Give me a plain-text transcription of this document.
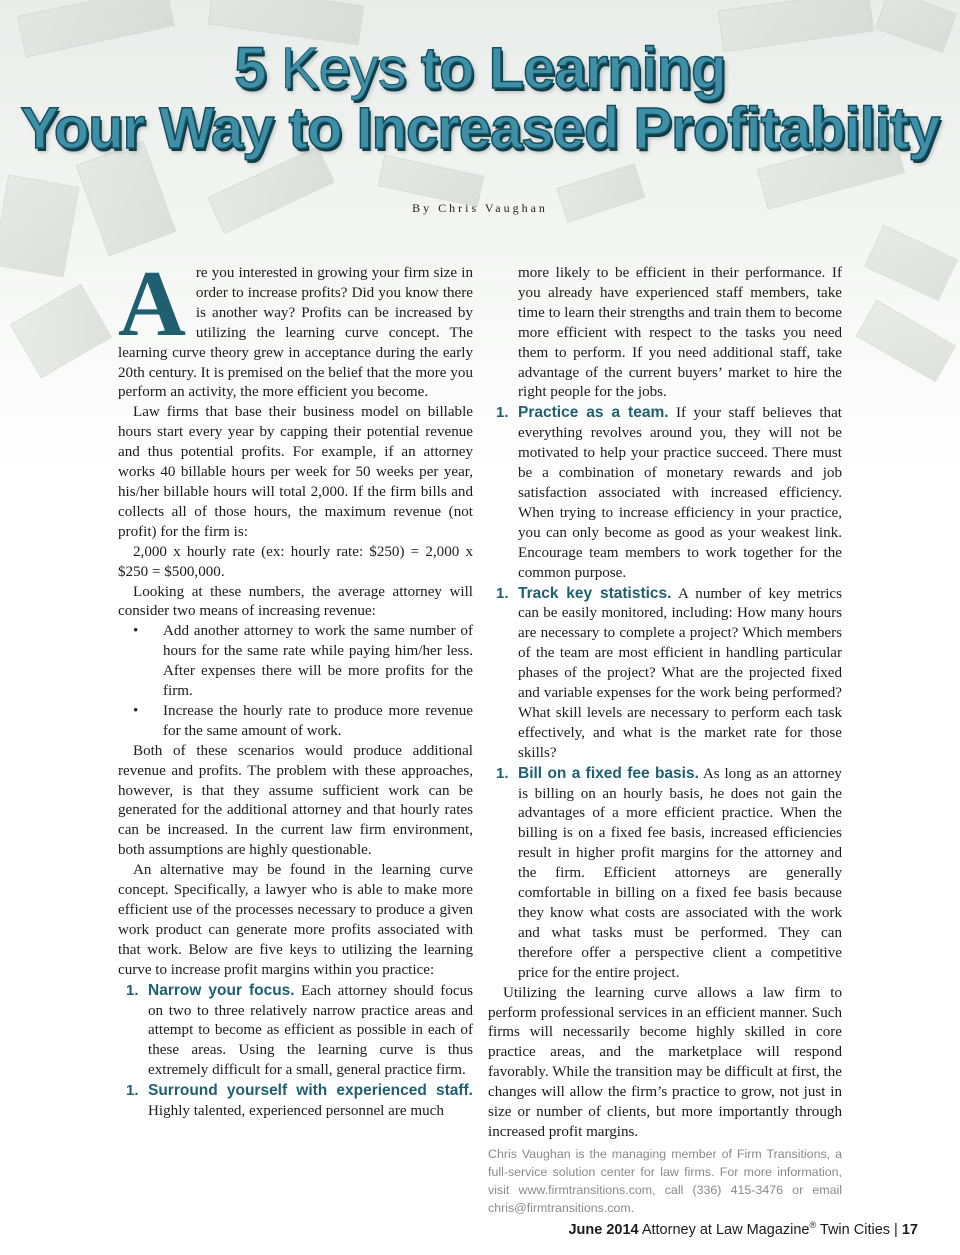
5 Keys to Learning
Your Way to Increased Profitability
By Chris Vaughan

Are you interested in growing your firm size in order to increase profits? Did you know there is another way? Profits can be increased by utilizing the learning curve concept. The learning curve theory grew in acceptance during the early 20th century. It is premised on the belief that the more you perform an activity, the more efficient you become.

Law firms that base their business model on billable hours start every year by capping their potential revenue and thus potential profits. For example, if an attorney works 40 billable hours per week for 50 weeks per year, his/her billable hours will total 2,000. If the firm bills and collects all of those hours, the maximum revenue (not profit) for the firm is:

2,000 x hourly rate (ex: hourly rate: $250) = 2,000 x $250 = $500,000.

Looking at these numbers, the average attorney will consider two means of increasing revenue:

• Add another attorney to work the same number of hours for the same rate while paying him/her less. After expenses there will be more profits for the firm.
• Increase the hourly rate to produce more revenue for the same amount of work.

Both of these scenarios would produce additional revenue and profits. The problem with these approaches, however, is that they assume sufficient work can be generated for the additional attorney and that hourly rates can be increased. In the current law firm environment, both assumptions are highly questionable.

An alternative may be found in the learning curve concept. Specifically, a lawyer who is able to make more efficient use of the processes necessary to produce a given work product can generate more profits associated with that work. Below are five keys to utilizing the learning curve to increase profit margins within you practice:

1. Narrow your focus. Each attorney should focus on two to three relatively narrow practice areas and attempt to become as efficient as possible in each of these areas. Using the learning curve is thus extremely difficult for a small, general practice firm.
1. Surround yourself with experienced staff. Highly talented, experienced personnel are much
more likely to be efficient in their performance. If you already have experienced staff members, take time to learn their strengths and train them to become more efficient with respect to the tasks you need them to perform. If you need additional staff, take advantage of the current buyers’ market to hire the right people for the jobs.
1. Practice as a team. If your staff believes that everything revolves around you, they will not be motivated to help your practice succeed. There must be a combination of monetary rewards and job satisfaction associated with increased efficiency. When trying to increase efficiency in your practice, you can only become as good as your weakest link. Encourage team members to work together for the common purpose.
1. Track key statistics. A number of key metrics can be easily monitored, including: How many hours are necessary to complete a project? Which members of the team are most efficient in handling particular phases of the project? What are the projected fixed and variable expenses for the work being performed? What skill levels are necessary to perform each task effectively, and what is the market rate for those skills?
1. Bill on a fixed fee basis. As long as an attorney is billing on an hourly basis, he does not gain the advantages of a more efficient practice. When the billing is on a fixed fee basis, increased efficiencies result in higher profit margins for the attorney and the firm. Efficient attorneys are generally comfortable in billing on a fixed fee basis because they know what costs are associated with the work and what tasks must be performed. They can therefore offer a perspective client a competitive price for the entire project.

Utilizing the learning curve allows a law firm to perform professional services in an efficient manner. Such firms will necessarily become highly skilled in core practice areas, and the marketplace will respond favorably. While the transition may be difficult at first, the changes will allow the firm’s practice to grow, not just in size or number of clients, but more importantly through increased profit margins.

Chris Vaughan is the managing member of Firm Transitions, a full-service solution center for law firms. For more information, visit www.firmtransitions.com, call (336) 415-3476 or email chris@firmtransitions.com.
June 2014 Attorney at Law Magazine® Twin Cities | 17
